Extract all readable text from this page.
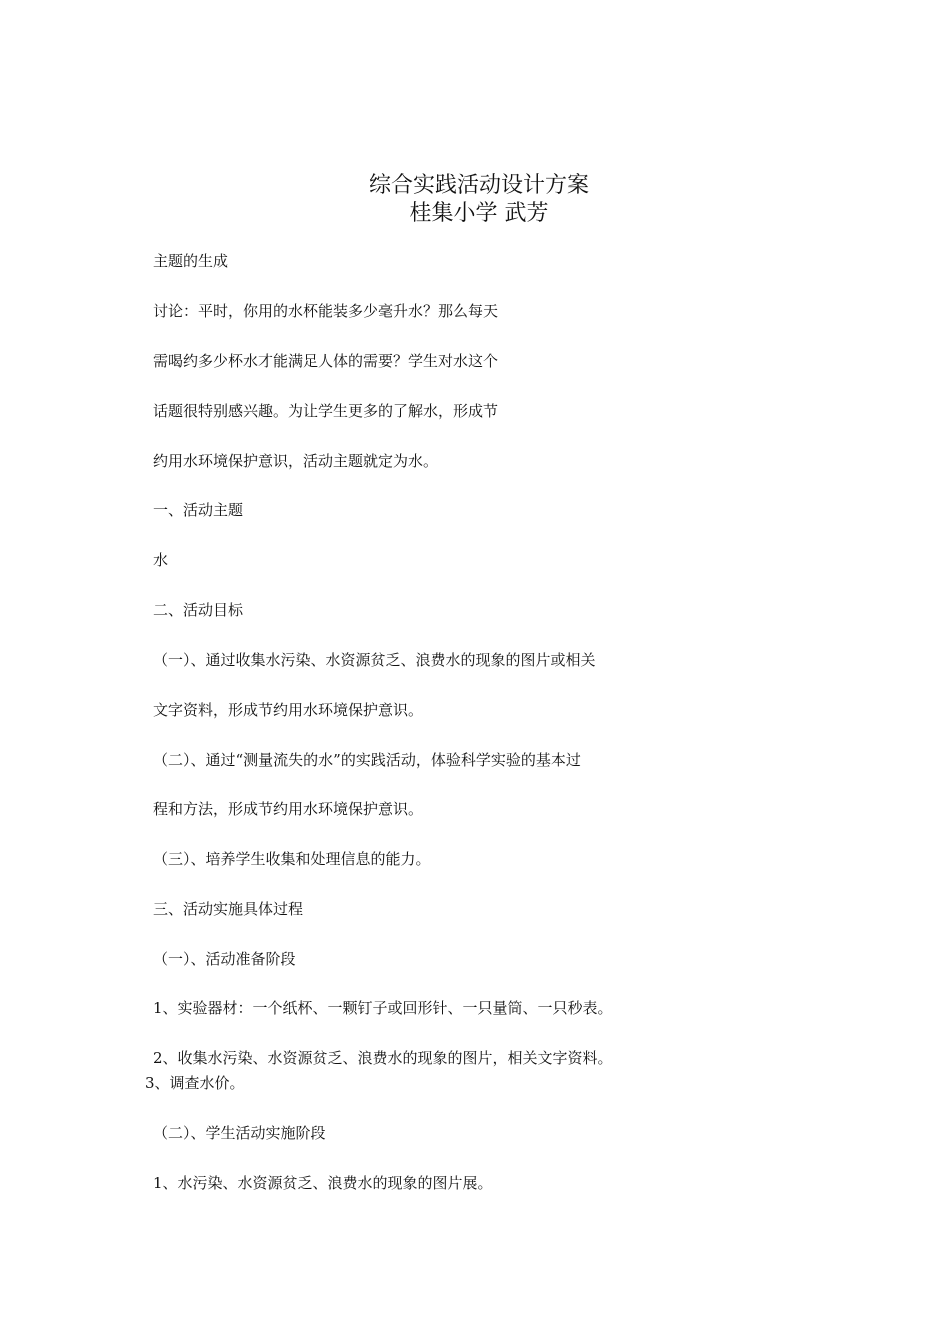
综合实践活动设计方案
桂集小学 武芳
主题的生成
讨论：平时，你用的水杯能装多少毫升水？那么每天
需喝约多少杯水才能满足人体的需要？学生对水这个
话题很特别感兴趣。为让学生更多的了解水，形成节
约用水环境保护意识，活动主题就定为水。
一、活动主题
水
二、活动目标
（一）、通过收集水污染、水资源贫乏、浪费水的现象的图片或相关
文字资料，形成节约用水环境保护意识。
（二）、通过“测量流失的水”的实践活动，体验科学实验的基本过
程和方法，形成节约用水环境保护意识。
（三）、培养学生收集和处理信息的能力。
三、活动实施具体过程
（一）、活动准备阶段
1、实验器材：一个纸杯、一颗钉子或回形针、一只量筒、一只秒表。
2、收集水污染、水资源贫乏、浪费水的现象的图片，相关文字资料。
3、调查水价。
（二）、学生活动实施阶段
1、水污染、水资源贫乏、浪费水的现象的图片展。
